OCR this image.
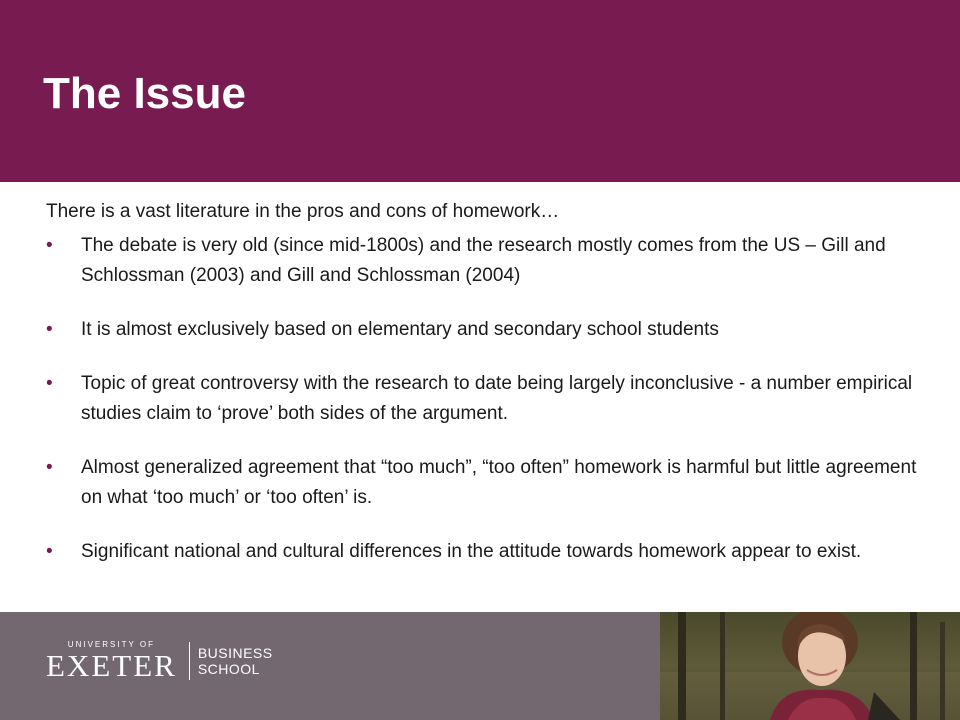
The Issue

There is a vast literature in the pros and cons of homework…

• The debate is very old (since mid-1800s) and the research mostly comes from the US – Gill and Schlossman (2003) and Gill and Schlossman (2004)
• It is almost exclusively based on elementary and secondary school students
• Topic of great controversy with the research to date being largely inconclusive - a number empirical studies claim to ‘prove’ both sides of the argument.
• Almost generalized agreement that “too much”, “too often” homework is harmful but little agreement on what ‘too much’ or ‘too often’ is.
• Significant national and cultural differences in the attitude towards homework appear to exist.
UNIVERSITY OF
EXETER BUSINESS
SCHOOL
